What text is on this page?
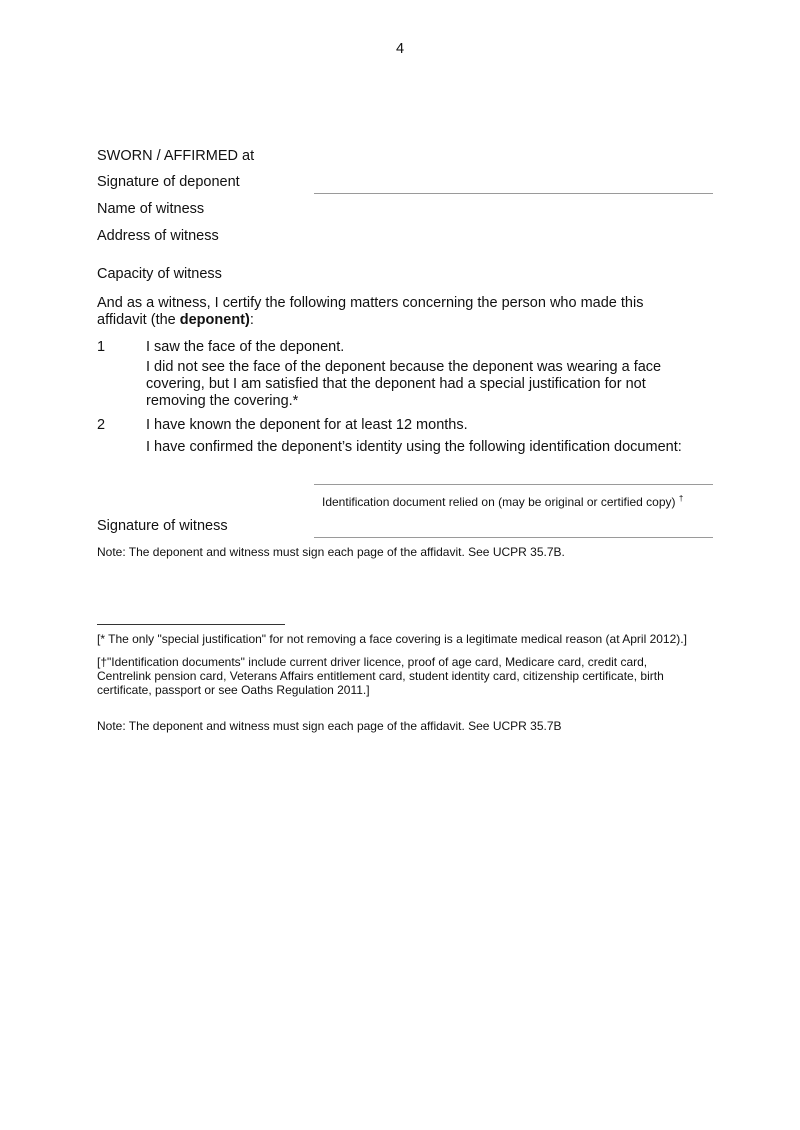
4
SWORN / AFFIRMED at
Signature of deponent
Name of witness
Address of witness
Capacity of witness
And as a witness, I certify the following matters concerning the person who made this
affidavit (the deponent):
1	I saw the face of the deponent.
I did not see the face of the deponent because the deponent was wearing a face
covering, but I am satisfied that the deponent had a special justification for not
removing the covering.*
2	I have known the deponent for at least 12 months.
I have confirmed the deponent’s identity using the following identification document:
Identification document relied on (may be original or certified copy) †
Signature of witness
Note: The deponent and witness must sign each page of the affidavit. See UCPR 35.7B.
[* The only "special justification" for not removing a face covering is a legitimate medical reason (at April 2012).]
[†"Identification documents" include current driver licence, proof of age card, Medicare card, credit card,
Centrelink pension card, Veterans Affairs entitlement card, student identity card, citizenship certificate, birth
certificate, passport or see Oaths Regulation 2011.]
Note: The deponent and witness must sign each page of the affidavit. See UCPR 35.7B
